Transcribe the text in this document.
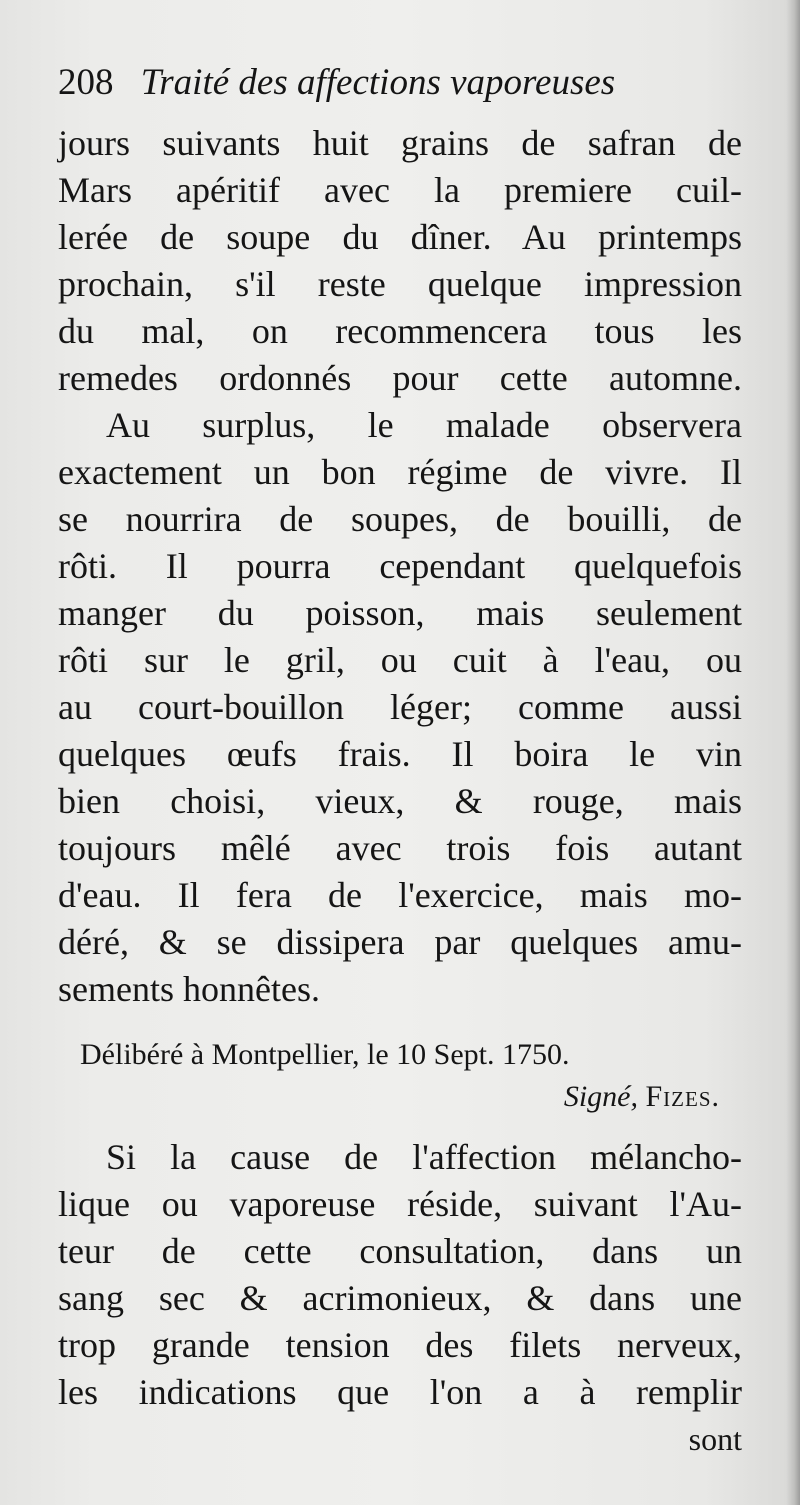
208 Traité des affections vaporeuses
jours suivants huit grains de safran de
Mars apéritif avec la premiere cuil-
lerée de soupe du dîner. Au printemps
prochain, s'il reste quelque impression
du mal, on recommencera tous les
remedes ordonnés pour cette automne.
Au surplus, le malade observera
exactement un bon régime de vivre. Il
se nourrira de soupes, de bouilli, de
rôti. Il pourra cependant quelquefois
manger du poisson, mais seulement
rôti sur le gril, ou cuit à l'eau, ou
au court-bouillon léger; comme aussi
quelques œufs frais. Il boira le vin
bien choisi, vieux, & rouge, mais
toujours mêlé avec trois fois autant
d'eau. Il fera de l'exercice, mais mo-
déré, & se dissipera par quelques amu-
sements honnêtes.
Délibéré à Montpellier, le 10 Sept. 1750.
Signé, Fizes.
Si la cause de l'affection mélancho-
lique ou vaporeuse réside, suivant l'Au-
teur de cette consultation, dans un
sang sec & acrimonieux, & dans une
trop grande tension des filets nerveux,
les indications que l'on a à remplir
sont
